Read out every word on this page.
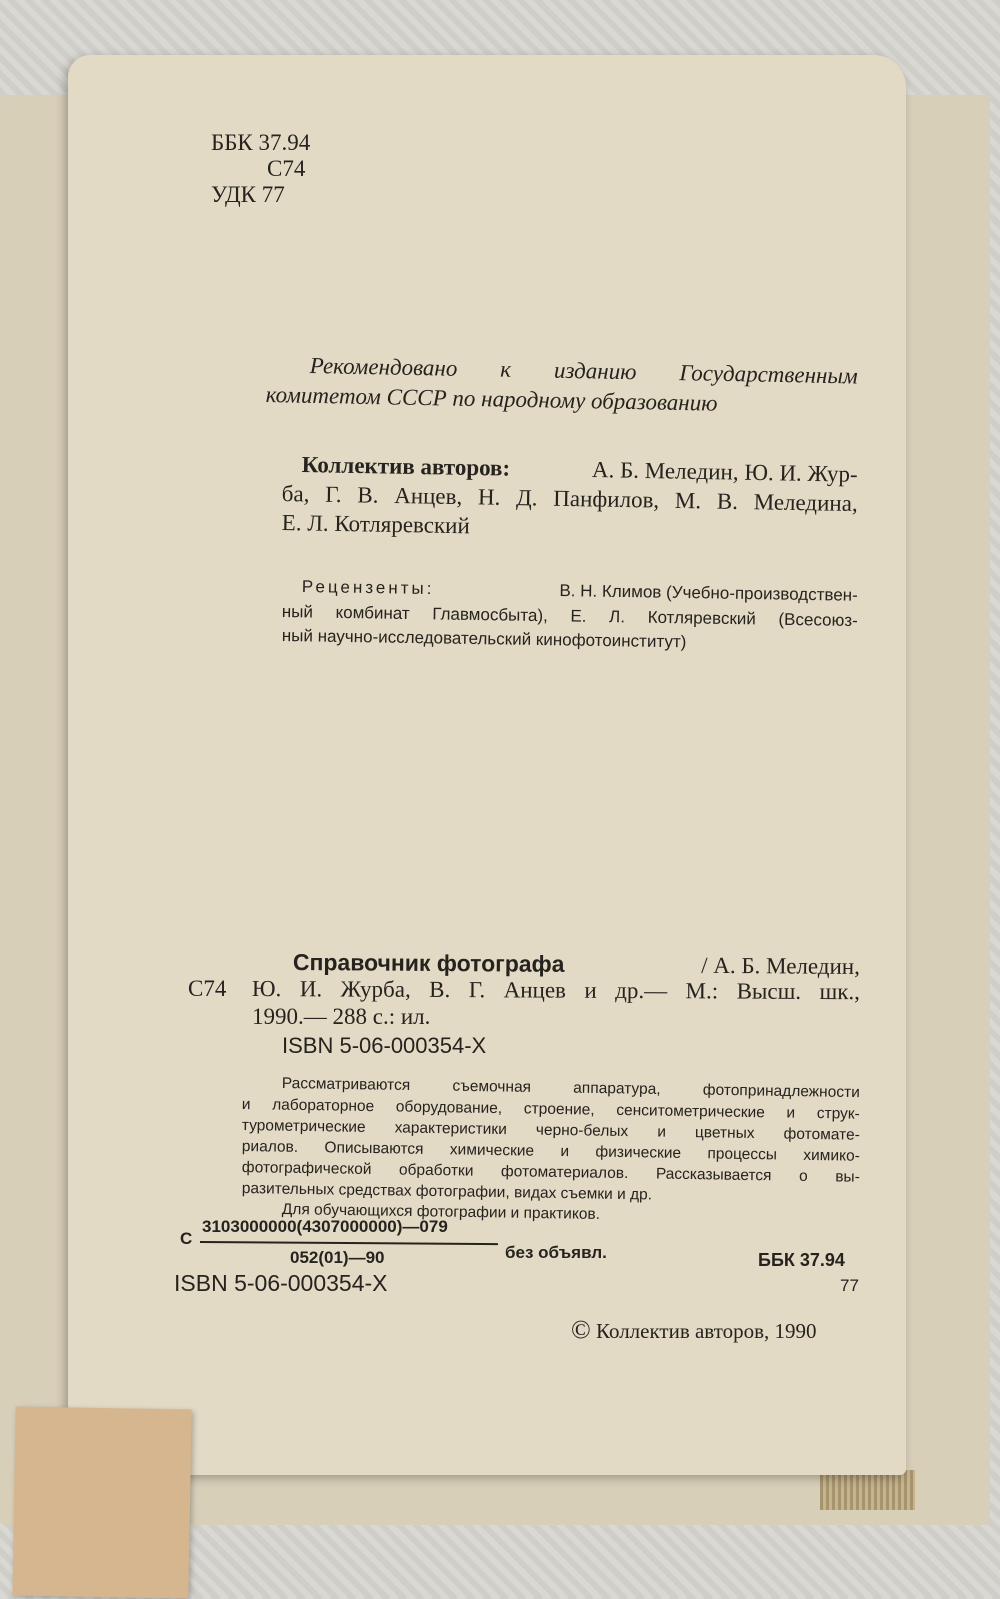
ББК 37.94
С74
УДК 77
Рекомендовано к изданию Государственным
комитетом СССР по народному образованию
Коллектив авторов:	А. Б. Меледин, Ю. И. Жур-
ба, Г. В. Анцев, Н. Д. Панфилов, М. В. Меледина,
Е. Л. Котляревский
Рецензенты:	В. Н. Климов (Учебно-производствен-
ный комбинат Главмосбыта), Е. Л. Котляревский (Всесоюз-
ный научно-исследовательский кинофотоинститут)
Справочник фотографа	/ А. Б. Меледин,
С74 Ю. И. Журба, В. Г. Анцев и др.— М.: Высш. шк.,
1990.— 288 с.: ил.
ISBN 5-06-000354-Х
Рассматриваются съемочная аппаратура, фотопринадлежности
и лабораторное оборудование, строение, сенситометрические и струк-
турометрические характеристики черно-белых и цветных фотомате-
риалов. Описываются химические и физические процессы химико-
фотографической обработки фотоматериалов. Рассказывается о вы-
разительных средствах фотографии, видах съемки и др.
Для обучающихся фотографии и практиков.
С
3103000000(4307000000)—079
052(01)—90	без объявл.	ББК 37.94
77
ISBN 5-06-000354-Х
© Коллектив авторов, 1990
